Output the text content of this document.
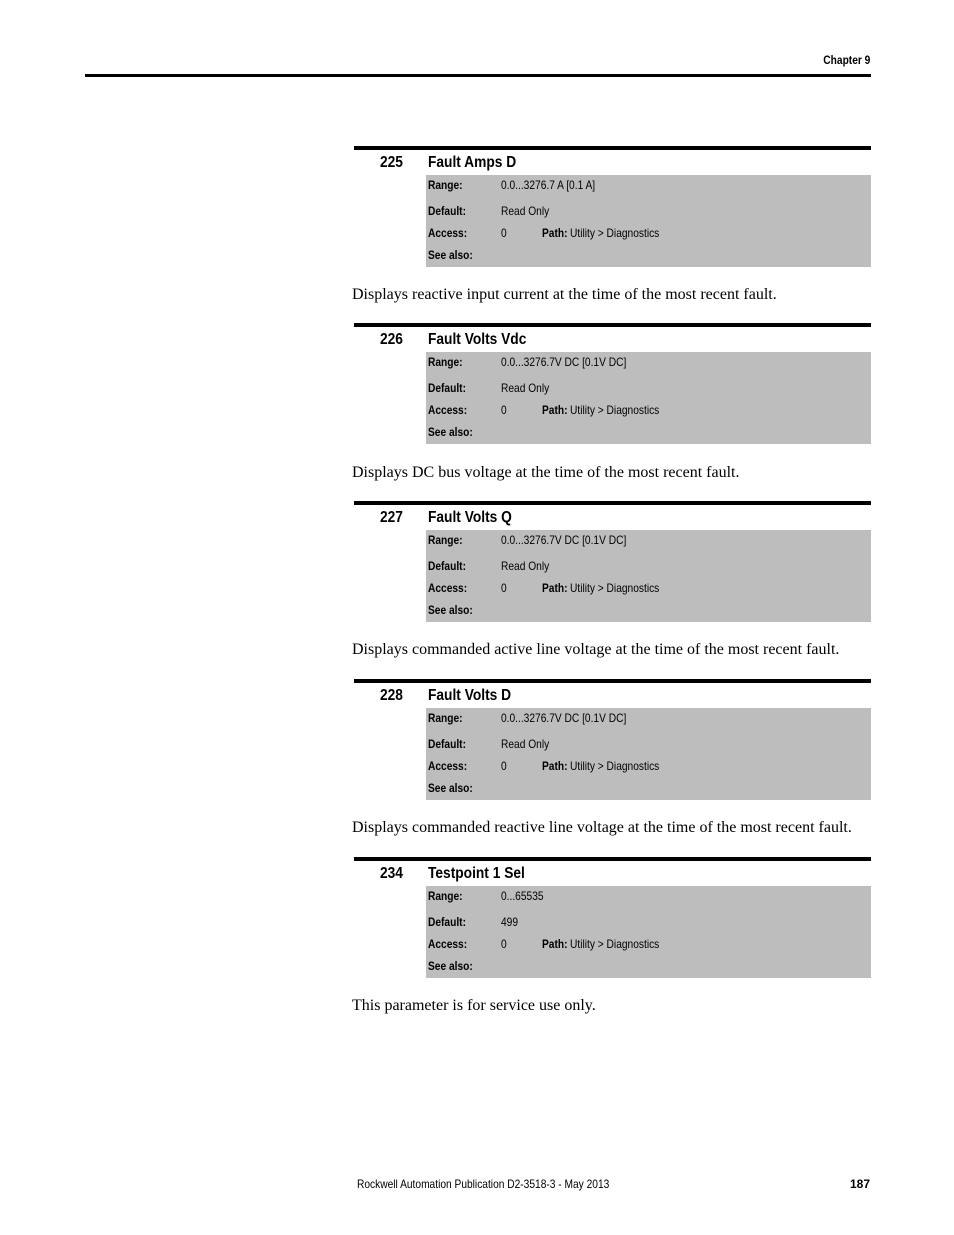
Chapter 9
225 Fault Amps D
Range:	0.0...3276.7 A [0.1 A]
Default:	Read Only
Access:	0	Path: Utility > Diagnostics
See also:
Displays reactive input current at the time of the most recent fault.
226 Fault Volts Vdc
Range:	0.0...3276.7V DC [0.1V DC]
Default:	Read Only
Access:	0	Path: Utility > Diagnostics
See also:
Displays DC bus voltage at the time of the most recent fault.
227 Fault Volts Q
Range:	0.0...3276.7V DC [0.1V DC]
Default:	Read Only
Access:	0	Path: Utility > Diagnostics
See also:
Displays commanded active line voltage at the time of the most recent fault.
228 Fault Volts D
Range:	0.0...3276.7V DC [0.1V DC]
Default:	Read Only
Access:	0	Path: Utility > Diagnostics
See also:
Displays commanded reactive line voltage at the time of the most recent fault.
234 Testpoint 1 Sel
Range:	0...65535
Default:	499
Access:	0	Path: Utility > Diagnostics
See also:
This parameter is for service use only.
Rockwell Automation Publication D2-3518-3 - May 2013	187
